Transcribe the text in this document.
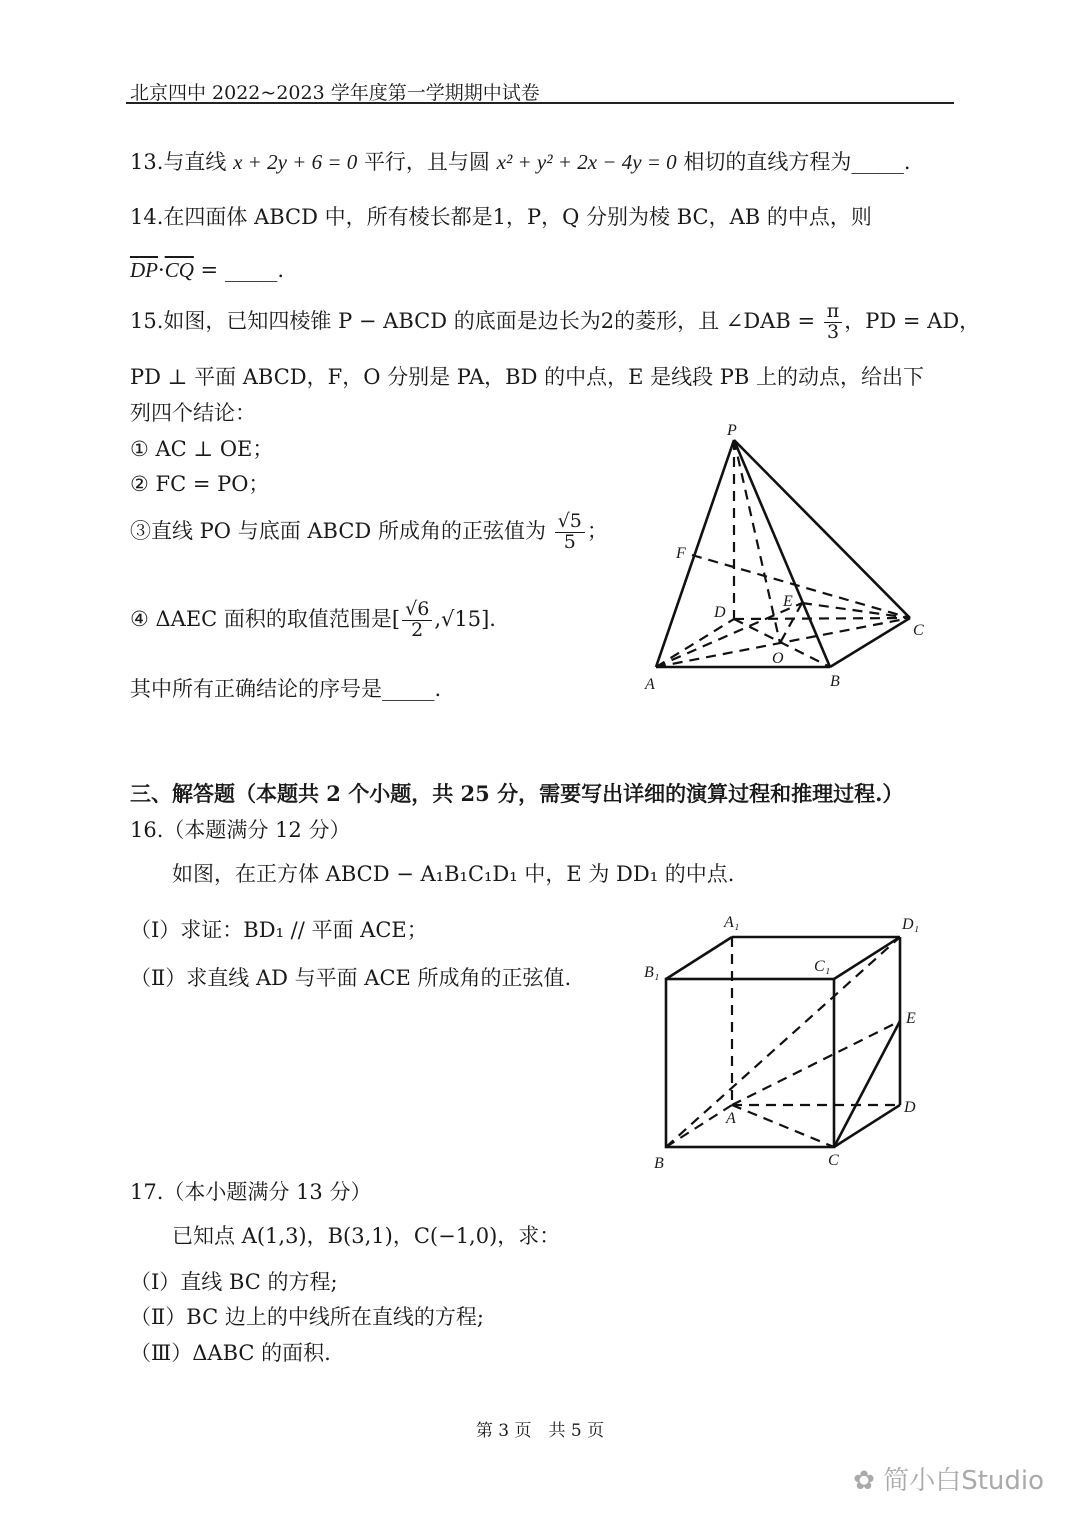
北京四中 2022~2023 学年度第一学期期中试卷
13.与直线 x + 2y + 6 = 0 平行，且与圆 x² + y² + 2x − 4y = 0 相切的直线方程为_____.
14.在四面体 ABCD 中，所有棱长都是1，P，Q 分别为棱 BC，AB 的中点，则
$\overline{DP}\cdot\overline{CQ}$ = _____.
15.如图，已知四棱锥 P − ABCD 的底面是边长为2的菱形，且 ∠DAB = $\frac{\pi}{3}$ ，PD = AD，
PD ⊥ 平面 ABCD，F，O 分别是 PA，BD 的中点，E 是线段 PB 上的动点，给出下
列四个结论：
① AC ⊥ OE；
② FC = PO；
③直线 PO 与底面 ABCD 所成角的正弦值为 $\frac{√5}{5}$ ；
④ ΔAEC 面积的取值范围是[ $\frac{√6}{2} ,√15$].
其中所有正确结论的序号是_____.
P
F
D
E
C
O
A	B
三、解答题（本题共 2 个小题，共 25 分，需要写出详细的演算过程和推理过程.）
16.（本题满分 12 分）
如图，在正方体 ABCD − A₁B₁C₁D₁ 中，E 为 DD₁ 的中点.
（Ⅰ）求证：BD₁ // 平面 ACE；
（Ⅱ）求直线 AD 与平面 ACE 所成角的正弦值.
A₁	D₁
B₁	C₁
E
A
D
B	C
17.（本小题满分 13 分）
已知点 A(1,3)，B(3,1)，C(−1,0)，求：
（Ⅰ）直线 BC 的方程;
（Ⅱ）BC 边上的中线所在直线的方程;
（Ⅲ）ΔABC 的面积.
第 3 页　共 5 页
✿ 简小白Studio
